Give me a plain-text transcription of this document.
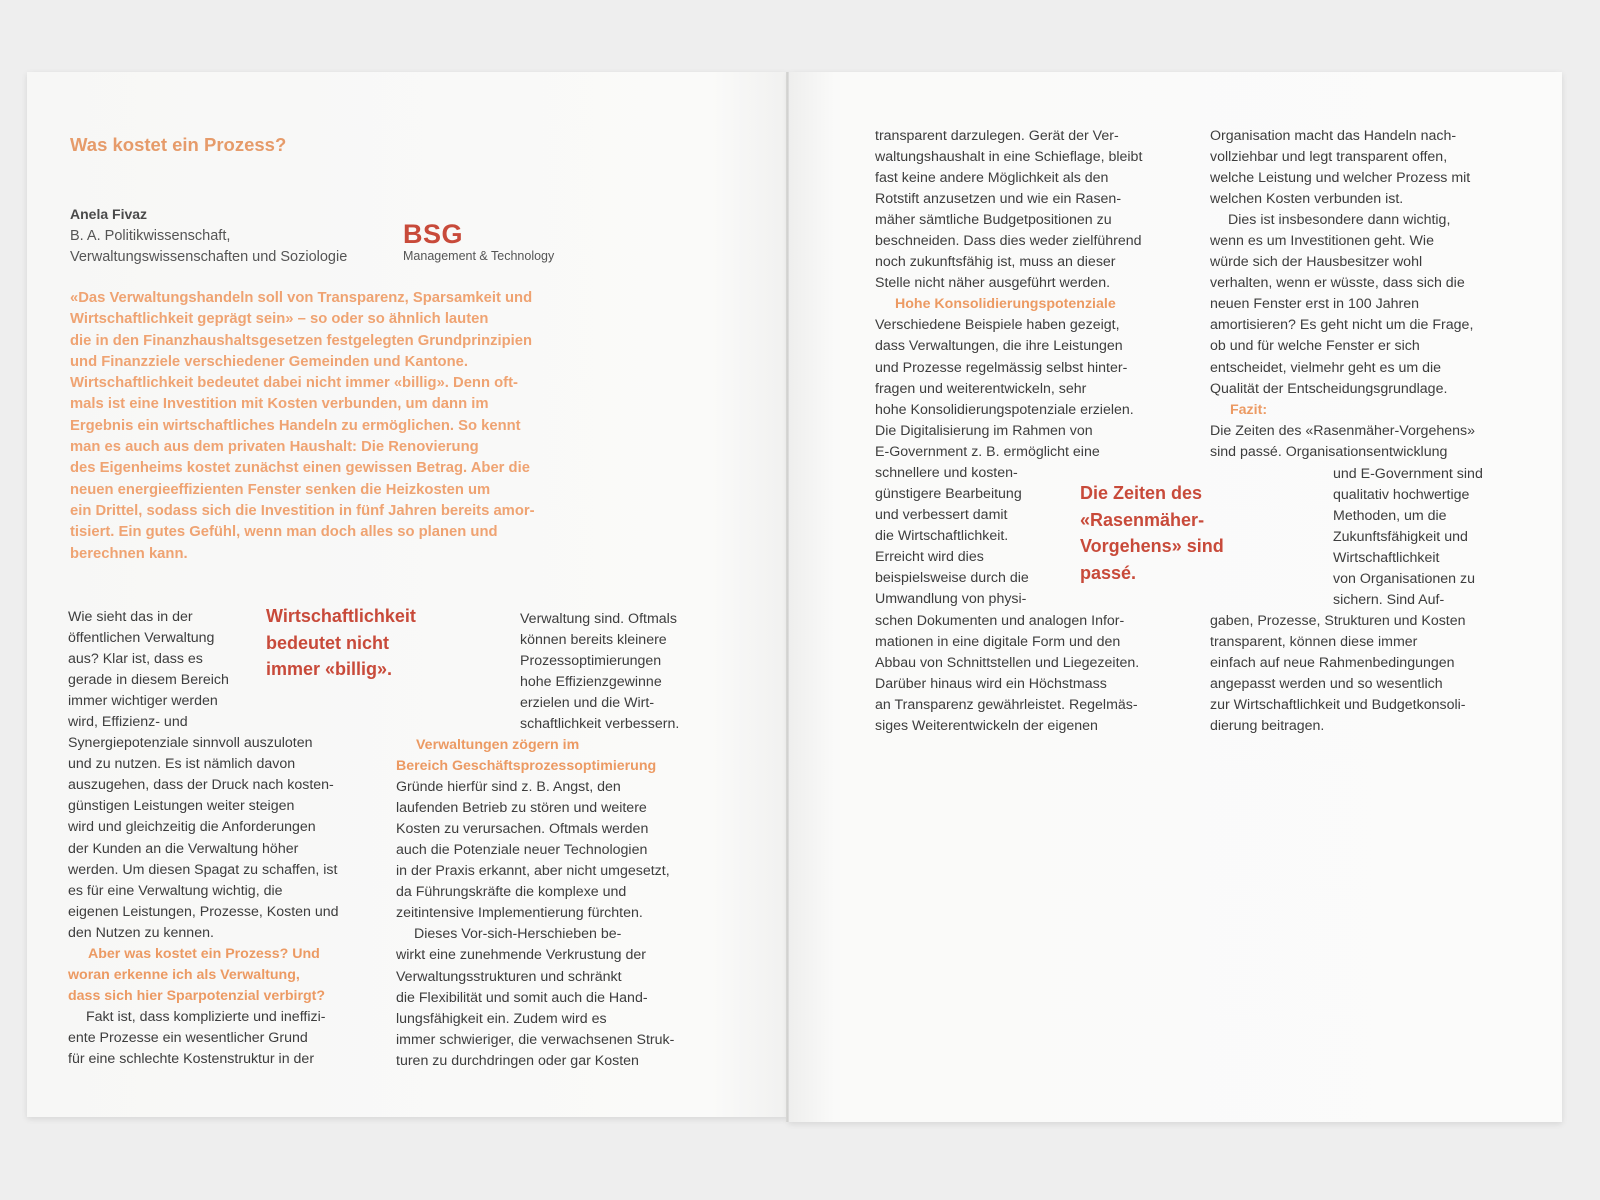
Was kostet ein Prozess?

Anela Fivaz

B. A. Politikwissenschaft,
Verwaltungswissenschaften und Soziologie
BSG
Management & Technology
«Das Verwaltungshandeln soll von Transparenz, Sparsamkeit und
Wirtschaftlichkeit geprägt sein» – so oder so ähnlich lauten
die in den Finanzhaushaltsgesetzen festgelegten Grundprinzipien
und Finanzziele verschiedener Gemeinden und Kantone.
Wirtschaftlichkeit bedeutet dabei nicht immer «billig». Denn oft-
mals ist eine Investition mit Kosten verbunden, um dann im
Ergebnis ein wirtschaftliches Handeln zu ermöglichen. So kennt
man es auch aus dem privaten Haushalt: Die Renovierung
des Eigenheims kostet zunächst einen gewissen Betrag. Aber die
neuen energieeffizienten Fenster senken die Heizkosten um
ein Drittel, sodass sich die Investition in fünf Jahren bereits amor-
tisiert. Ein gutes Gefühl, wenn man doch alles so planen und
berechnen kann.
Wirtschaftlichkeit
bedeutet nicht
immer «billig».
Wie sieht das in der
öffentlichen Verwaltung
aus? Klar ist, dass es
gerade in diesem Bereich
immer wichtiger werden
wird, Effizienz- und
Synergiepotenziale sinnvoll auszuloten
und zu nutzen. Es ist nämlich davon
auszugehen, dass der Druck nach kosten-
günstigen Leistungen weiter steigen
wird und gleichzeitig die Anforderungen
der Kunden an die Verwaltung höher
werden. Um diesen Spagat zu schaffen, ist
es für eine Verwaltung wichtig, die
eigenen Leistungen, Prozesse, Kosten und
den Nutzen zu kennen.
Aber was kostet ein Prozess? Und
woran erkenne ich als Verwaltung,
dass sich hier Sparpotenzial verbirgt?
Fakt ist, dass komplizierte und ineffizi-
ente Prozesse ein wesentlicher Grund
für eine schlechte Kostenstruktur in der
Verwaltung sind. Oftmals
können bereits kleinere
Prozessoptimierungen
hohe Effizienzgewinne
erzielen und die Wirt-
schaftlichkeit verbessern.
Verwaltungen zögern im
Bereich Geschäftsprozessoptimierung
Gründe hierfür sind z. B. Angst, den
laufenden Betrieb zu stören und weitere
Kosten zu verursachen. Oftmals werden
auch die Potenziale neuer Technologien
in der Praxis erkannt, aber nicht umgesetzt,
da Führungskräfte die komplexe und
zeitintensive Implementierung fürchten.
Dieses Vor-sich-Herschieben be-
wirkt eine zunehmende Verkrustung der
Verwaltungsstrukturen und schränkt
die Flexibilität und somit auch die Hand-
lungsfähigkeit ein. Zudem wird es
immer schwieriger, die verwachsenen Struk-
turen zu durchdringen oder gar Kosten
transparent darzulegen. Gerät der Ver-
waltungshaushalt in eine Schieflage, bleibt
fast keine andere Möglichkeit als den
Rotstift anzusetzen und wie ein Rasen-
mäher sämtliche Budgetpositionen zu
beschneiden. Dass dies weder zielführend
noch zukunftsfähig ist, muss an dieser
Stelle nicht näher ausgeführt werden.
Hohe Konsolidierungspotenziale
Verschiedene Beispiele haben gezeigt,
dass Verwaltungen, die ihre Leistungen
und Prozesse regelmässig selbst hinter-
fragen und weiterentwickeln, sehr
hohe Konsolidierungspotenziale erzielen.
Die Digitalisierung im Rahmen von
E-Government z. B. ermöglicht eine
schnellere und kosten-
günstigere Bearbeitung
und verbessert damit
die Wirtschaftlichkeit.
Erreicht wird dies
beispielsweise durch die
Umwandlung von physi-
schen Dokumenten und analogen Infor-
mationen in eine digitale Form und den
Abbau von Schnittstellen und Liegezeiten.
Darüber hinaus wird ein Höchstmass
an Transparenz gewährleistet. Regelmäs-
siges Weiterentwickeln der eigenen
Die Zeiten des
«Rasenmäher-
Vorgehens» sind
passé.
Organisation macht das Handeln nach-
vollziehbar und legt transparent offen,
welche Leistung und welcher Prozess mit
welchen Kosten verbunden ist.
Dies ist insbesondere dann wichtig,
wenn es um Investitionen geht. Wie
würde sich der Hausbesitzer wohl
verhalten, wenn er wüsste, dass sich die
neuen Fenster erst in 100 Jahren
amortisieren? Es geht nicht um die Frage,
ob und für welche Fenster er sich
entscheidet, vielmehr geht es um die
Qualität der Entscheidungsgrundlage.
Fazit:
Die Zeiten des «Rasenmäher-Vorgehens»
sind passé. Organisationsentwicklung
und E-Government sind
qualitativ hochwertige
Methoden, um die
Zukunftsfähigkeit und
Wirtschaftlichkeit
von Organisationen zu
sichern. Sind Auf-
gaben, Prozesse, Strukturen und Kosten
transparent, können diese immer
einfach auf neue Rahmenbedingungen
angepasst werden und so wesentlich
zur Wirtschaftlichkeit und Budgetkonsoli-
dierung beitragen.
